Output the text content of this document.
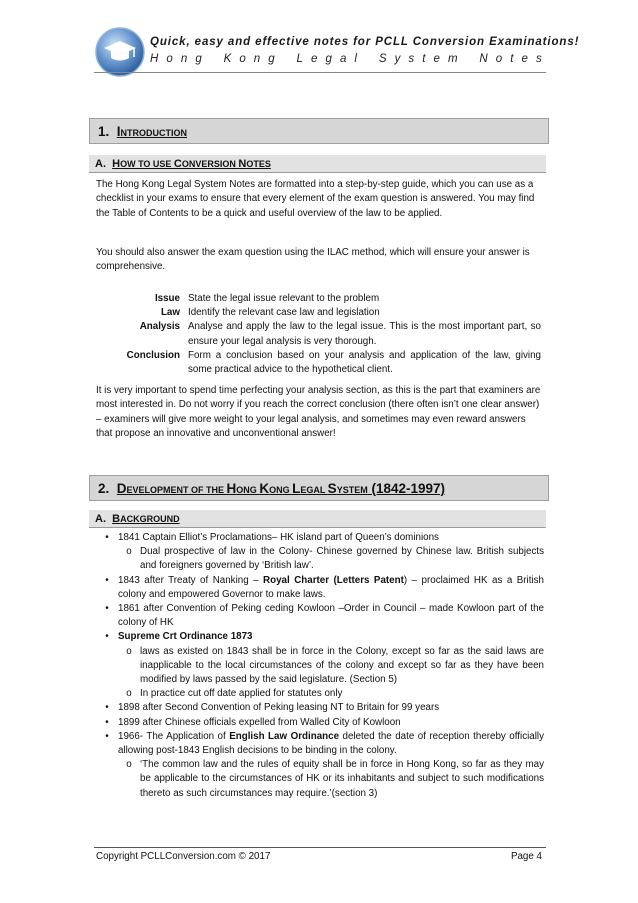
Quick, easy and effective notes for PCLL Conversion Examinations!
H o n g
  K o n g
  L e g a l
  S y s t e m
  N o t e s
1. INTRODUCTION
A. HOW TO USE CONVERSION NOTES
The Hong Kong Legal System Notes are formatted into a step-by-step guide, which you can use as a checklist in your exams to ensure that every element of the exam question is answered. You may find the Table of Contents to be a quick and useful overview of the law to be applied.
You should also answer the exam question using the ILAC method, which will ensure your answer is comprehensive.
Issue State the legal issue relevant to the problem
Law Identify the relevant case law and legislation
Analysis Analyse and apply the law to the legal issue. This is the most important part, so ensure your legal analysis is very thorough.
Conclusion Form a conclusion based on your analysis and application of the law, giving some practical advice to the hypothetical client.
It is very important to spend time perfecting your analysis section, as this is the part that examiners are most interested in. Do not worry if you reach the correct conclusion (there often isn’t one clear answer) – examiners will give more weight to your legal analysis, and sometimes may even reward answers that propose an innovative and unconventional answer!
2. DEVELOPMENT OF THE HONG KONG LEGAL SYSTEM (1842-1997)
A. BACKGROUND
• 1841 Captain Elliot’s Proclamations– HK island part of Queen’s dominions
o Dual prospective of law in the Colony- Chinese governed by Chinese law. British subjects and foreigners governed by ‘British law’.
• 1843 after Treaty of Nanking – Royal Charter (Letters Patent) – proclaimed HK as a British colony and empowered Governor to make laws.
• 1861 after Convention of Peking ceding Kowloon –Order in Council – made Kowloon part of the colony of HK
• Supreme Crt Ordinance 1873
o laws as existed on 1843 shall be in force in the Colony, except so far as the said laws are inapplicable to the local circumstances of the colony and except so far as they have been modified by laws passed by the said legislature. (Section 5)
o In practice cut off date applied for statutes only
• 1898 after Second Convention of Peking leasing NT to Britain for 99 years
• 1899 after Chinese officials expelled from Walled City of Kowloon
• 1966- The Application of English Law Ordinance deleted the date of reception thereby officially allowing post-1843 English decisions to be binding in the colony.
o ‘The common law and the rules of equity shall be in force in Hong Kong, so far as they may be applicable to the circumstances of HK or its inhabitants and subject to such modifications thereto as such circumstances may require.’(section 3)
Copyright PCLLConversion.com © 2017	Page 4
